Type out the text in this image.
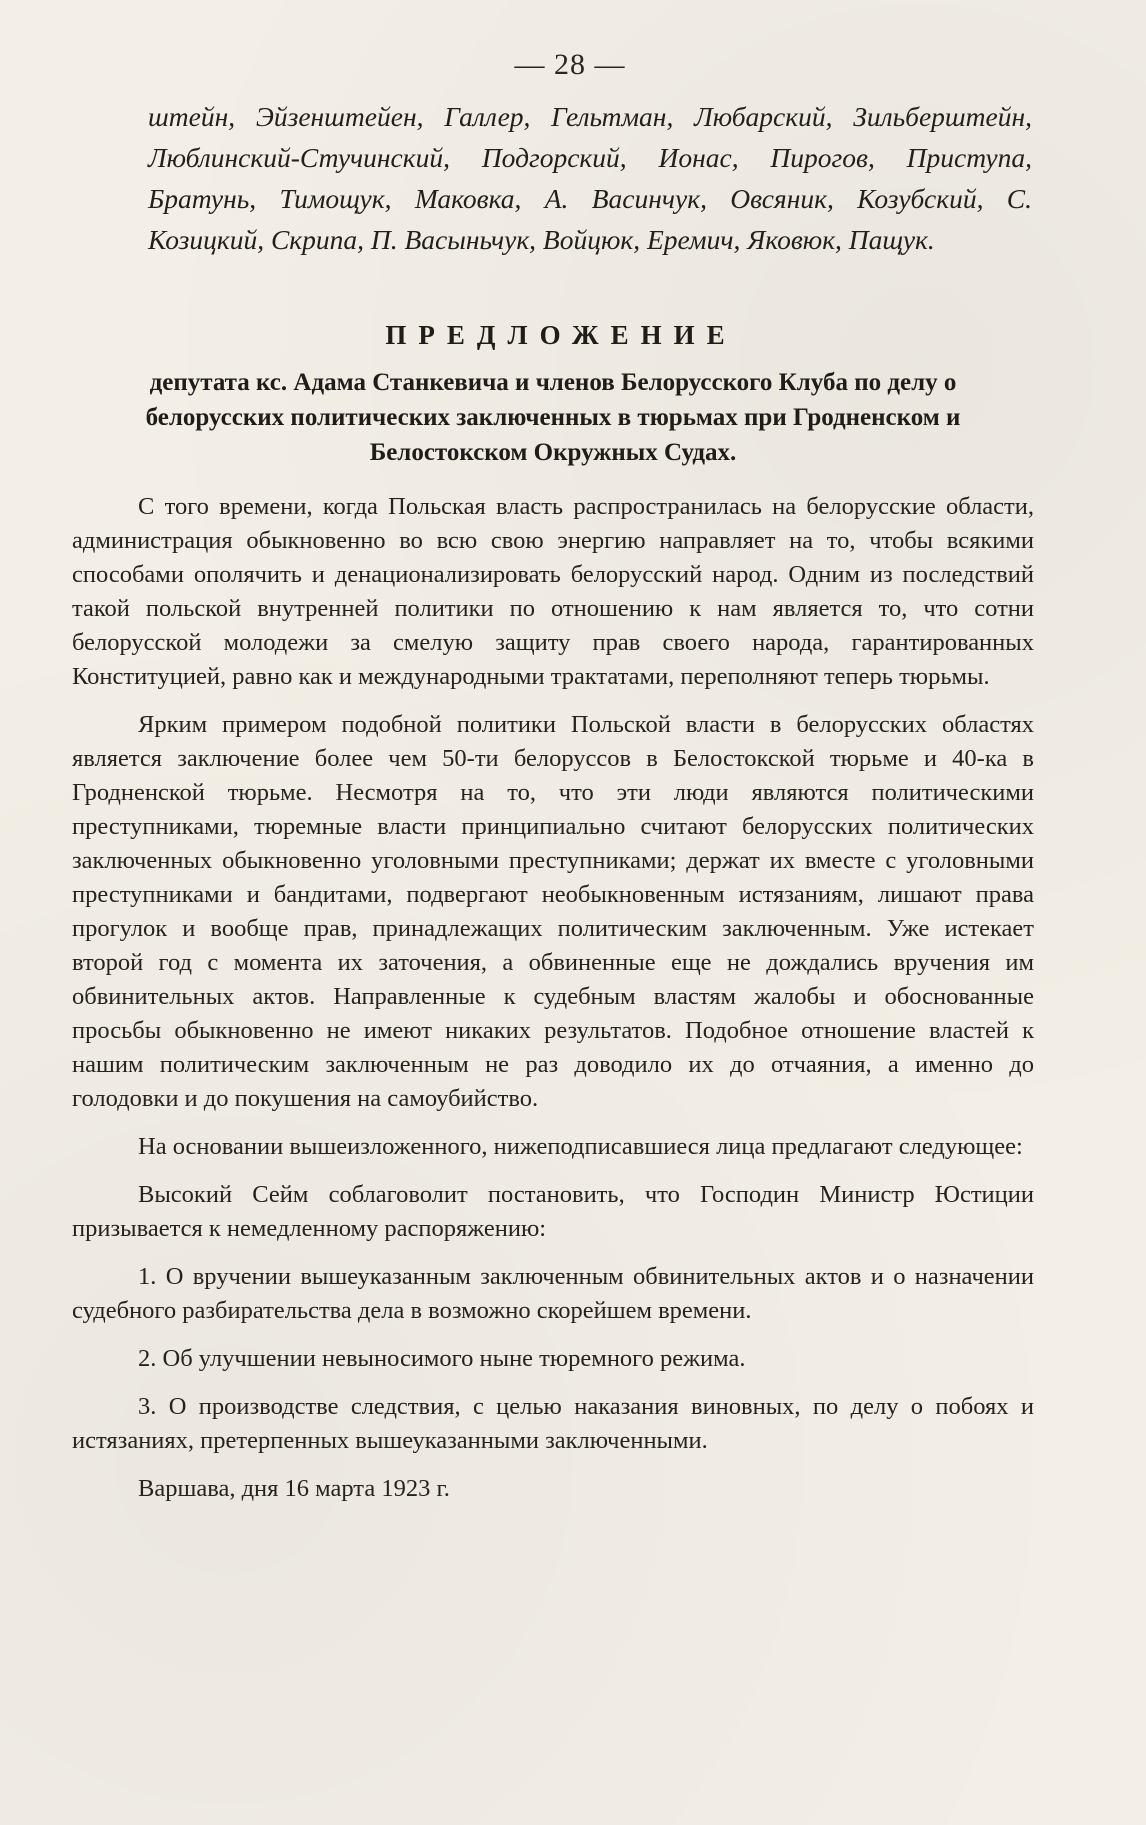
— 28 —
штейн, Эйзенштейен, Галлер, Гельтман, Любарский, Зильберштейн, Люблинский-Стучинский, Подгорский, Ионас, Пирогов, Приступа, Братунь, Тимощук, Маковка, А. Васинчук, Овсяник, Козубский, С. Козицкий, Скрипа, П. Васыньчук, Войцюк, Еремич, Яковюк, Пащук.
ПРЕДЛОЖЕНИЕ
депутата кс. Адама Станкевича и членов Белорусского Клуба по делу о белорусских политических заключенных в тюрьмах при Гродненском и Белостокском Окружных Судах.

С того времени, когда Польская власть распространилась на белорусские области, администрация обыкновенно во всю свою энергию направляет на то, чтобы всякими способами ополячить и денационализировать белорусский народ. Одним из последствий такой польской внутренней политики по отношению к нам является то, что сотни белорусской молодежи за смелую защиту прав своего народа, гарантированных Конституцией, равно как и международными трактатами, переполняют теперь тюрьмы.

Ярким примером подобной политики Польской власти в белорусских областях является заключение более чем 50-ти белоруссов в Белостокской тюрьме и 40-ка в Гродненской тюрьме. Несмотря на то, что эти люди являются политическими преступниками, тюремные власти принципиально считают белорусских политических заключенных обыкновенно уголовными преступниками; держат их вместе с уголовными преступниками и бандитами, подвергают необыкновенным истязаниям, лишают права прогулок и вообще прав, принадлежащих политическим заключенным. Уже истекает второй год с момента их заточения, а обвиненные еще не дождались вручения им обвинительных актов. Направленные к судебным властям жалобы и обоснованные просьбы обыкновенно не имеют никаких результатов. Подобное отношение властей к нашим политическим заключенным не раз доводило их до отчаяния, а именно до голодовки и до покушения на самоубийство.

На основании вышеизложенного, нижеподписавшиеся лица предлагают следующее:

Высокий Сейм соблаговолит постановить, что Господин Министр Юстиции призывается к немедленному распоряжению:

1. О вручении вышеуказанным заключенным обвинительных актов и о назначении судебного разбирательства дела в возможно скорейшем времени.
2. Об улучшении невыносимого ныне тюремного режима.
3. О производстве следствия, с целью наказания виновных, по делу о побоях и истязаниях, претерпенных вышеуказанными заключенными.
Варшава, дня 16 марта 1923 г.
